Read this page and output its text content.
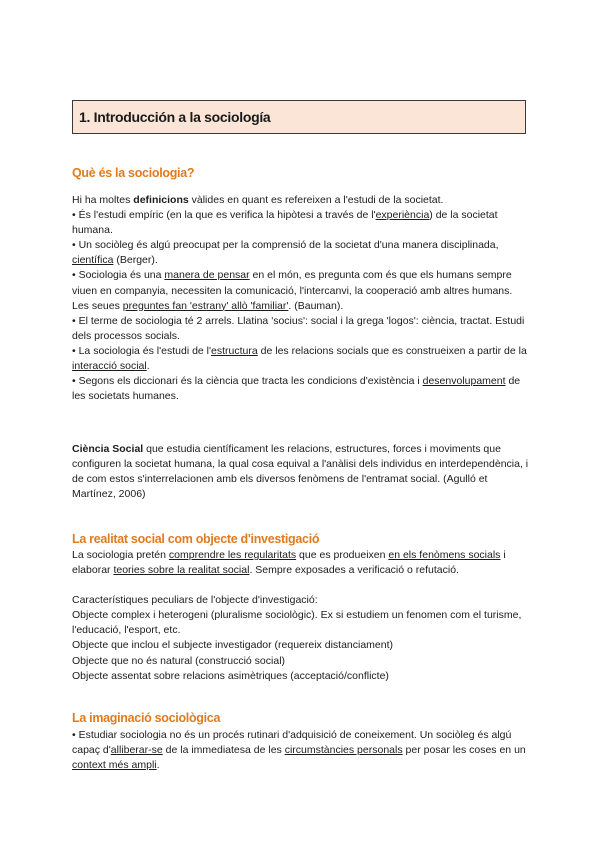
1. Introducción a la sociología
Què és la sociologia?

Hi ha moltes definicions vàlides en quant es refereixen a l'estudi de la societat.

• És l'estudi empíric (en la que es verifica la hipòtesi a través de l'experiència) de la societat humana.

• Un sociòleg és algú preocupat per la comprensió de la societat d'una manera disciplinada, científica (Berger).

• Sociologia és una manera de pensar en el món, es pregunta com és que els humans sempre viuen en companyia, necessiten la comunicació, l'intercanvi, la cooperació amb altres humans.

Les seues preguntes fan 'estrany' allò 'familiar'. (Bauman).

• El terme de sociologia té 2 arrels. Llatina 'socius': social i la grega 'logos': ciència, tractat. Estudi dels processos socials.

• La sociologia és l'estudi de l'estructura de les relacions socials que es construeixen a partir de la interacció social.

• Segons els diccionari és la ciència que tracta les condicions d'existència i desenvolupament de les societats humanes.

Ciència Social que estudia científicament les relacions, estructures, forces i moviments que configuren la societat humana, la qual cosa equival a l'anàlisi dels individus en interdependència, i de com estos s'interrelacionen amb els diversos fenòmens de l'entramat social. (Agulló et Martínez, 2006)

La realitat social com objecte d'investigació

La sociologia pretén comprendre les regularitats que es produeixen en els fenòmens socials i elaborar teories sobre la realitat social. Sempre exposades a verificació o refutació.

Característiques peculiars de l'objecte d'investigació:

Objecte complex i heterogeni (pluralisme sociològic). Ex si estudiem un fenomen com el turisme, l'educació, l'esport, etc.

Objecte que inclou el subjecte investigador (requereix distanciament)

Objecte que no és natural (construcció social)

Objecte assentat sobre relacions asimètriques (acceptació/conflicte)

La imaginació sociològica

• Estudiar sociologia no és un procés rutinari d'adquisició de coneixement. Un sociòleg és algú capaç d'alliberar-se de la immediatesa de les circumstàncies personals per posar les coses en un context més ampli.
